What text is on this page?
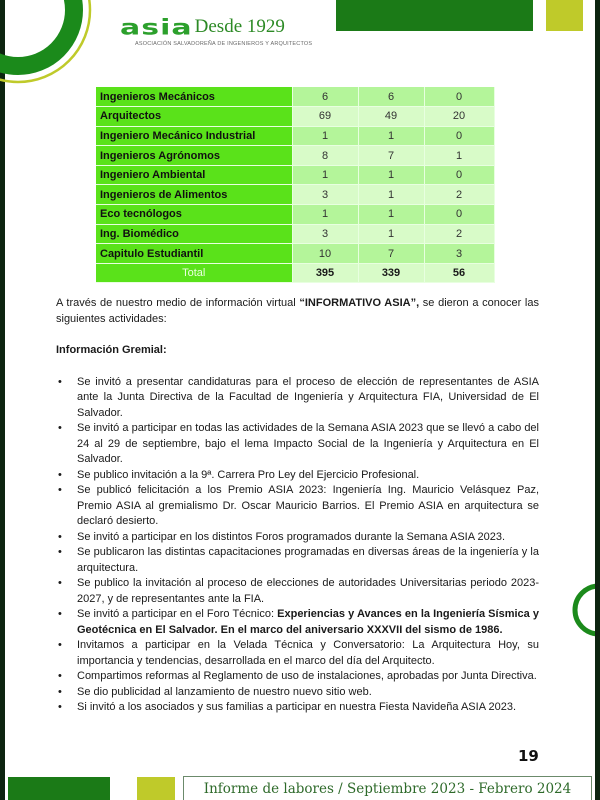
asia Desde 1929
ASOCIACIÓN SALVADOREÑA DE INGENIEROS Y ARQUITECTOS
Ingenieros Mecánicos	6	6	0
Arquitectos	69	49	20
Ingeniero Mecánico Industrial	1	1	0
Ingenieros Agrónomos	8	7	1
Ingeniero Ambiental	1	1	0
Ingenieros de Alimentos	3	1	2
Eco tecnólogos	1	1	0
Ing. Biomédico	3	1	2
Capitulo Estudiantil	10	7	3
Total	395	339	56

A través de nuestro medio de información virtual “INFORMATIVO ASIA”, se dieron a conocer las siguientes actividades:

Información Gremial:

• Se invitó a presentar candidaturas para el proceso de elección de representantes de ASIA ante la Junta Directiva de la Facultad de Ingeniería y Arquitectura FIA, Universidad de El Salvador.
• Se invitó a participar en todas las actividades de la Semana ASIA 2023 que se llevó a cabo del 24 al 29 de septiembre, bajo el lema Impacto Social de la Ingeniería y Arquitectura en El Salvador.
• Se publico invitación a la 9ª. Carrera Pro Ley del Ejercicio Profesional.
• Se publicó felicitación a los Premio ASIA 2023: Ingeniería Ing. Mauricio Velásquez Paz, Premio ASIA al gremialismo Dr. Oscar Mauricio Barrios. El Premio ASIA en arquitectura se declaró desierto.
• Se invitó a participar en los distintos Foros programados durante la Semana ASIA 2023.
• Se publicaron las distintas capacitaciones programadas en diversas áreas de la ingeniería y la arquitectura.
• Se publico la invitación al proceso de elecciones de autoridades Universitarias periodo 2023-2027, y de representantes ante la FIA.
• Se invitó a participar en el Foro Técnico: Experiencias y Avances en la Ingeniería Sísmica y Geotécnica en El Salvador. En el marco del aniversario XXXVII del sismo de 1986.
• Invitamos a participar en la Velada Técnica y Conversatorio: La Arquitectura Hoy, su importancia y tendencias, desarrollada en el marco del día del Arquitecto.
• Compartimos reformas al Reglamento de uso de instalaciones, aprobadas por Junta Directiva.
• Se dio publicidad al lanzamiento de nuestro nuevo sitio web.
• Si invitó a los asociados y sus familias a participar en nuestra Fiesta Navideña ASIA 2023.
19
Informe de labores / Septiembre 2023 - Febrero 2024
